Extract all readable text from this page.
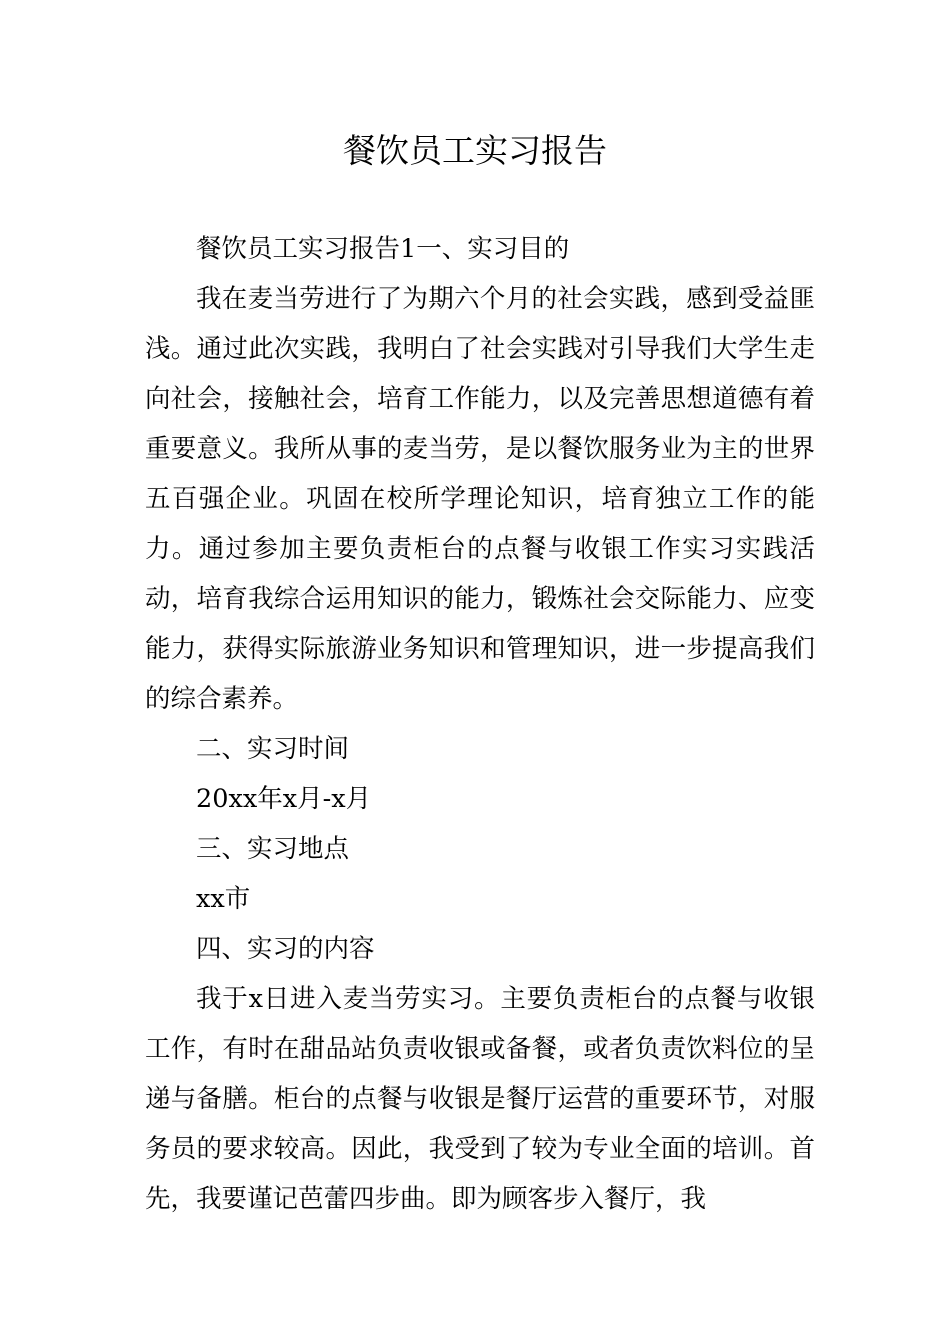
餐饮员工实习报告

餐饮员工实习报告1一、实习目的

我在麦当劳进行了为期六个月的社会实践，感到受益匪浅。通过此次实践，我明白了社会实践对引导我们大学生走向社会，接触社会，培育工作能力，以及完善思想道德有着重要意义。我所从事的麦当劳，是以餐饮服务业为主的世界五百强企业。巩固在校所学理论知识，培育独立工作的能力。通过参加主要负责柜台的点餐与收银工作实习实践活动，培育我综合运用知识的能力，锻炼社会交际能力、应变能力，获得实际旅游业务知识和管理知识，进一步提高我们的综合素养。

二、实习时间

20xx年x月-x月

三、实习地点

xx市

四、实习的内容

我于x日进入麦当劳实习。主要负责柜台的点餐与收银工作，有时在甜品站负责收银或备餐，或者负责饮料位的呈递与备膳。柜台的点餐与收银是餐厅运营的重要环节，对服务员的要求较高。因此，我受到了较为专业全面的培训。首先，我要谨记芭蕾四步曲。即为顾客步入餐厅，我
